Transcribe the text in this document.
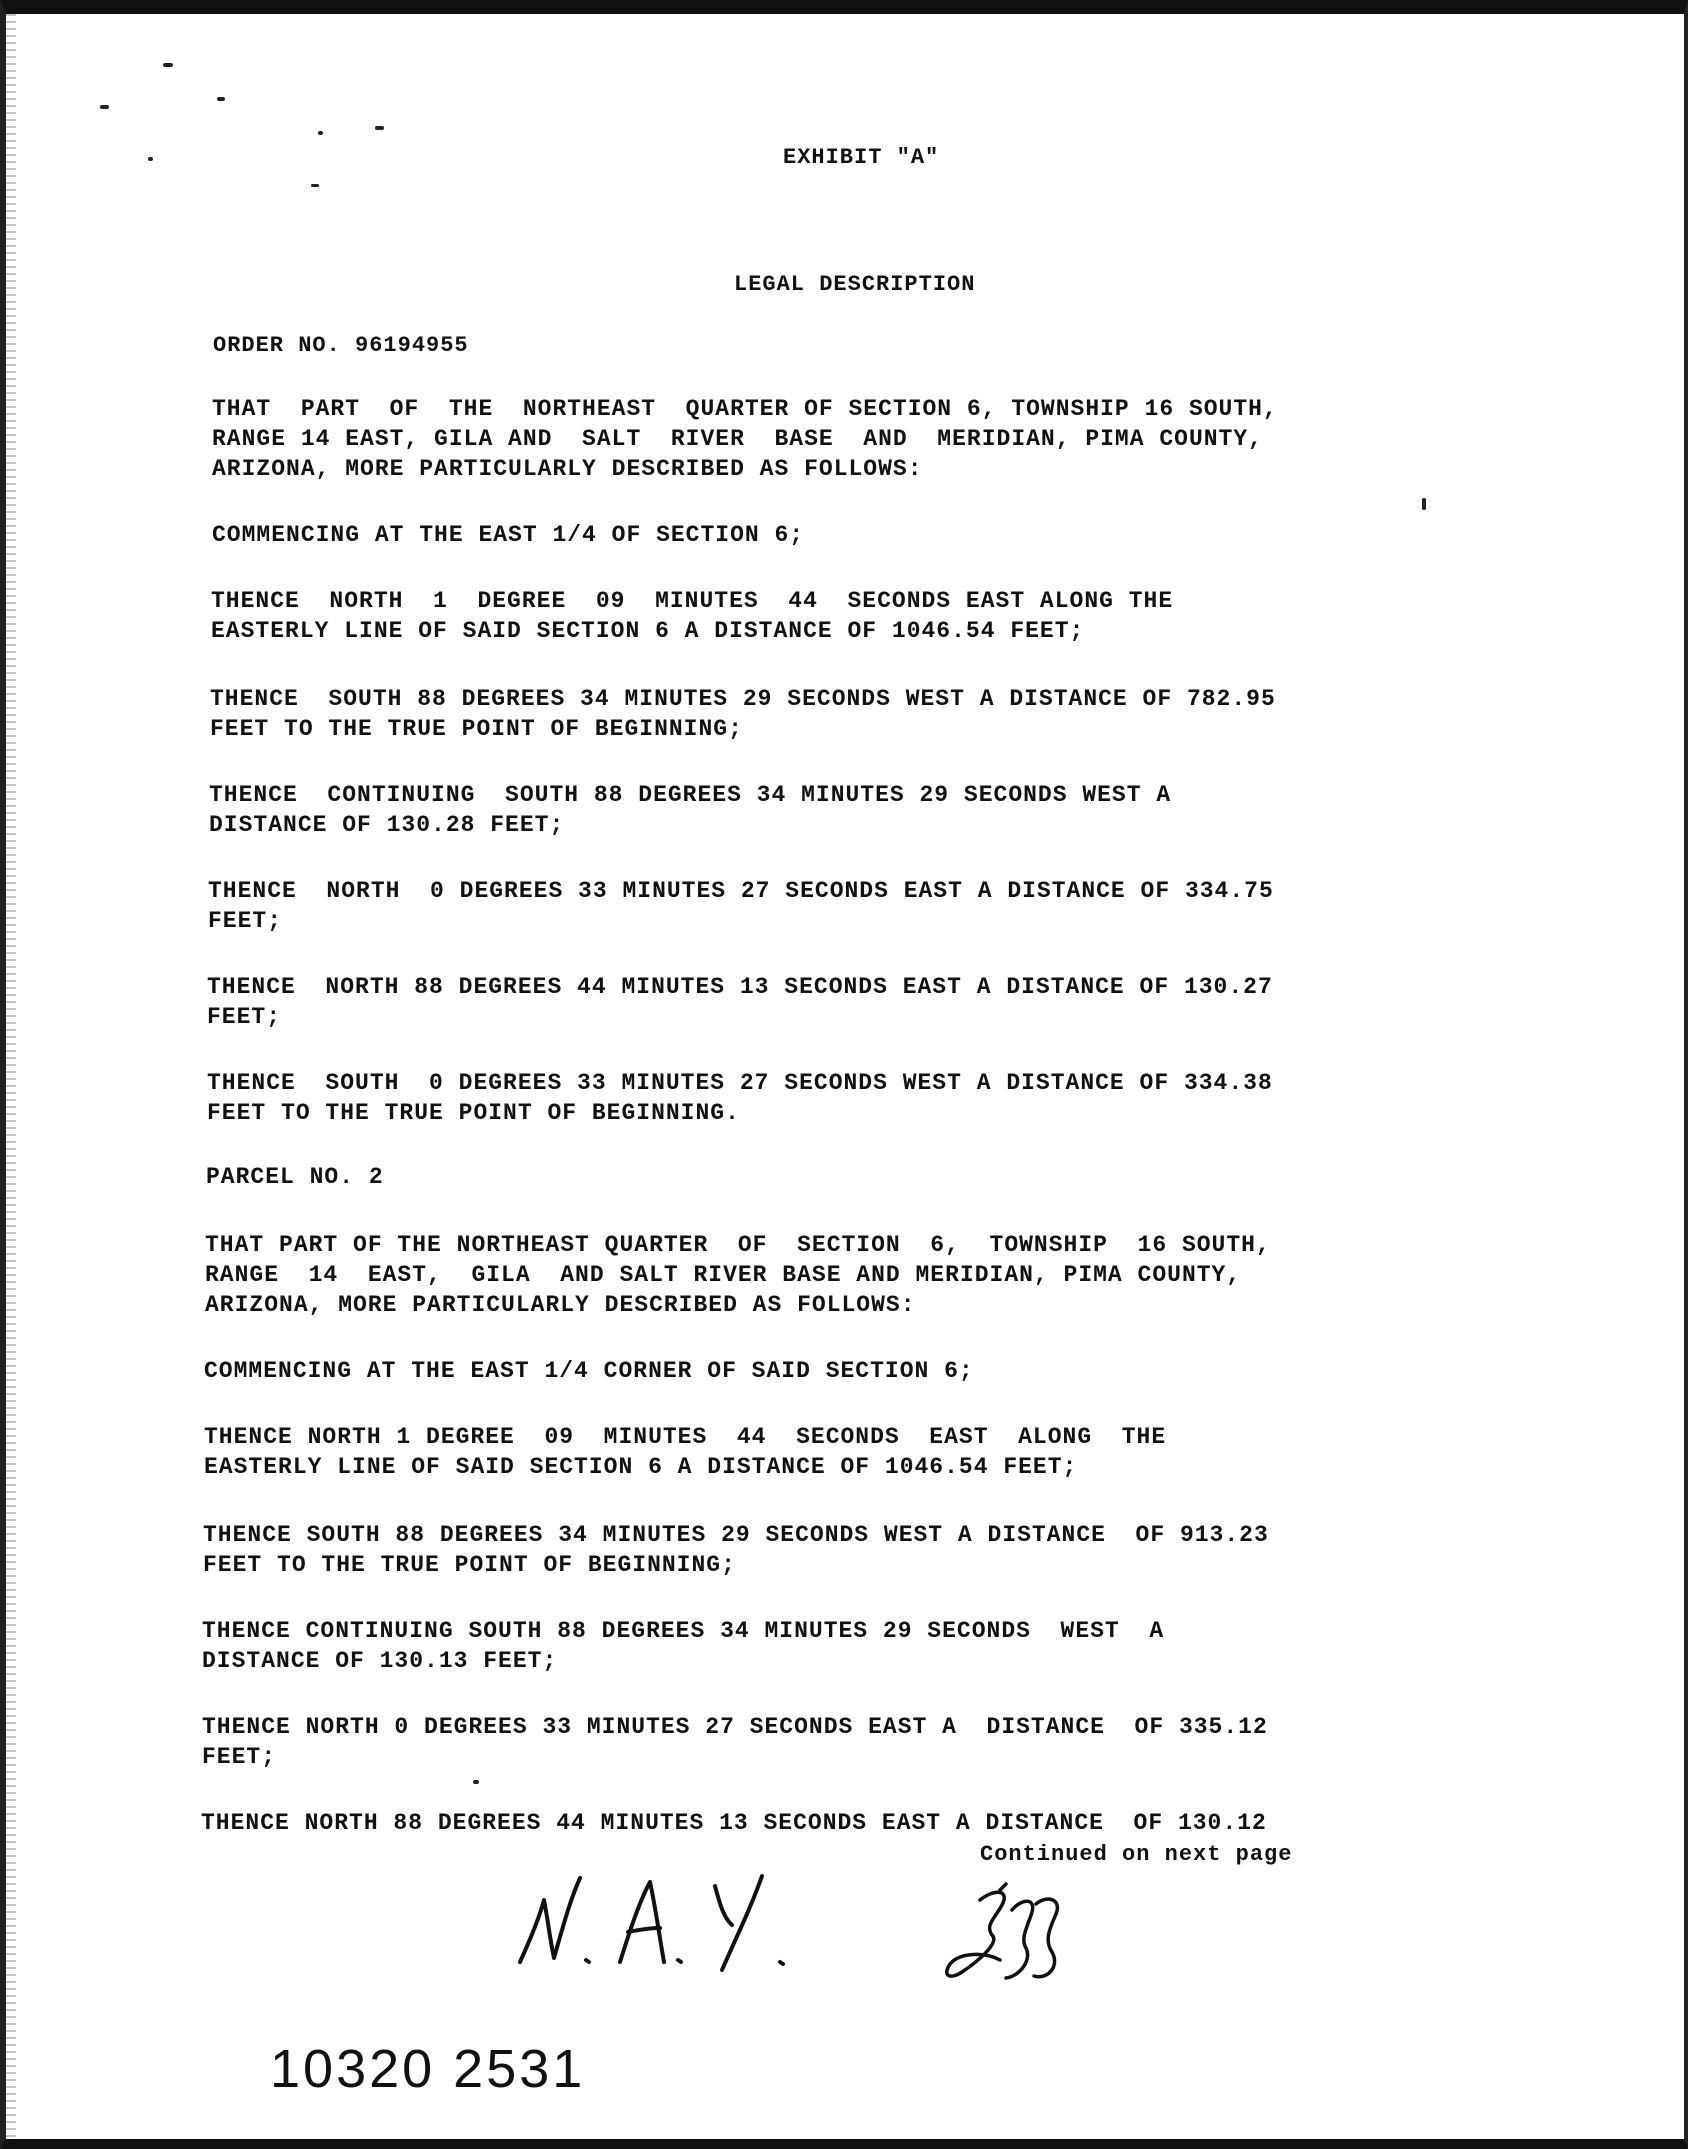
EXHIBIT "A"
LEGAL DESCRIPTION
ORDER NO. 96194955
THAT  PART  OF  THE  NORTHEAST  QUARTER OF SECTION 6, TOWNSHIP 16 SOUTH,
RANGE 14 EAST, GILA AND  SALT  RIVER  BASE  AND  MERIDIAN, PIMA COUNTY,
ARIZONA, MORE PARTICULARLY DESCRIBED AS FOLLOWS:
COMMENCING AT THE EAST 1/4 OF SECTION 6;
THENCE  NORTH  1  DEGREE  09  MINUTES  44  SECONDS EAST ALONG THE
EASTERLY LINE OF SAID SECTION 6 A DISTANCE OF 1046.54 FEET;
THENCE  SOUTH 88 DEGREES 34 MINUTES 29 SECONDS WEST A DISTANCE OF 782.95
FEET TO THE TRUE POINT OF BEGINNING;
THENCE  CONTINUING  SOUTH 88 DEGREES 34 MINUTES 29 SECONDS WEST A
DISTANCE OF 130.28 FEET;
THENCE  NORTH  0 DEGREES 33 MINUTES 27 SECONDS EAST A DISTANCE OF 334.75
FEET;
THENCE  NORTH 88 DEGREES 44 MINUTES 13 SECONDS EAST A DISTANCE OF 130.27
FEET;
THENCE  SOUTH  0 DEGREES 33 MINUTES 27 SECONDS WEST A DISTANCE OF 334.38
FEET TO THE TRUE POINT OF BEGINNING.
PARCEL NO. 2
THAT PART OF THE NORTHEAST QUARTER  OF  SECTION  6,  TOWNSHIP  16 SOUTH,
RANGE  14  EAST,  GILA  AND SALT RIVER BASE AND MERIDIAN, PIMA COUNTY,
ARIZONA, MORE PARTICULARLY DESCRIBED AS FOLLOWS:
COMMENCING AT THE EAST 1/4 CORNER OF SAID SECTION 6;
THENCE NORTH 1 DEGREE  09  MINUTES  44  SECONDS  EAST  ALONG  THE
EASTERLY LINE OF SAID SECTION 6 A DISTANCE OF 1046.54 FEET;
THENCE SOUTH 88 DEGREES 34 MINUTES 29 SECONDS WEST A DISTANCE  OF 913.23
FEET TO THE TRUE POINT OF BEGINNING;
THENCE CONTINUING SOUTH 88 DEGREES 34 MINUTES 29 SECONDS  WEST  A
DISTANCE OF 130.13 FEET;
THENCE NORTH 0 DEGREES 33 MINUTES 27 SECONDS EAST A  DISTANCE  OF 335.12
FEET;
THENCE NORTH 88 DEGREES 44 MINUTES 13 SECONDS EAST A DISTANCE  OF 130.12
Continued on next page
10320 2531
